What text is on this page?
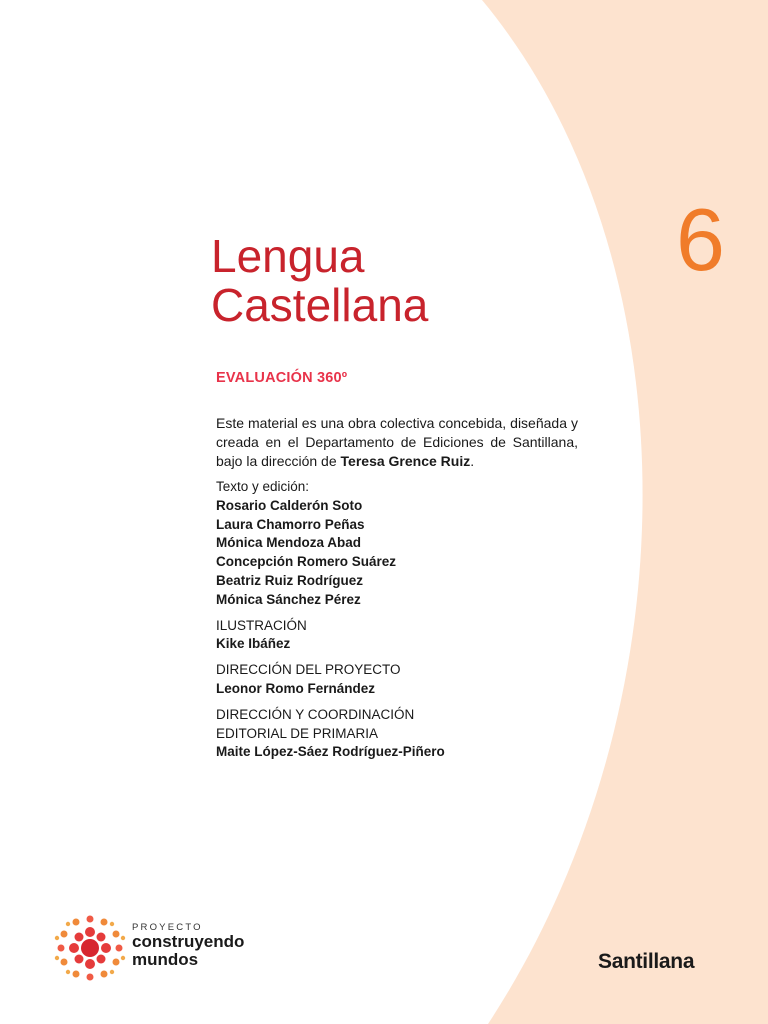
6
Lengua
Castellana
EVALUACIÓN 360º
Este material es una obra colectiva concebida, diseñada y creada en el Departamento de Ediciones de Santillana, bajo la dirección de Teresa Grence Ruiz.
Texto y edición:
Rosario Calderón Soto
Laura Chamorro Peñas
Mónica Mendoza Abad
Concepción Romero Suárez
Beatriz Ruiz Rodríguez
Mónica Sánchez Pérez
ILUSTRACIÓN
Kike Ibáñez
DIRECCIÓN DEL PROYECTO
Leonor Romo Fernández
DIRECCIÓN Y COORDINACIÓN
EDITORIAL DE PRIMARIA
Maite López-Sáez Rodríguez-Piñero
PROYECTO
construyendo
mundos	Santillana
